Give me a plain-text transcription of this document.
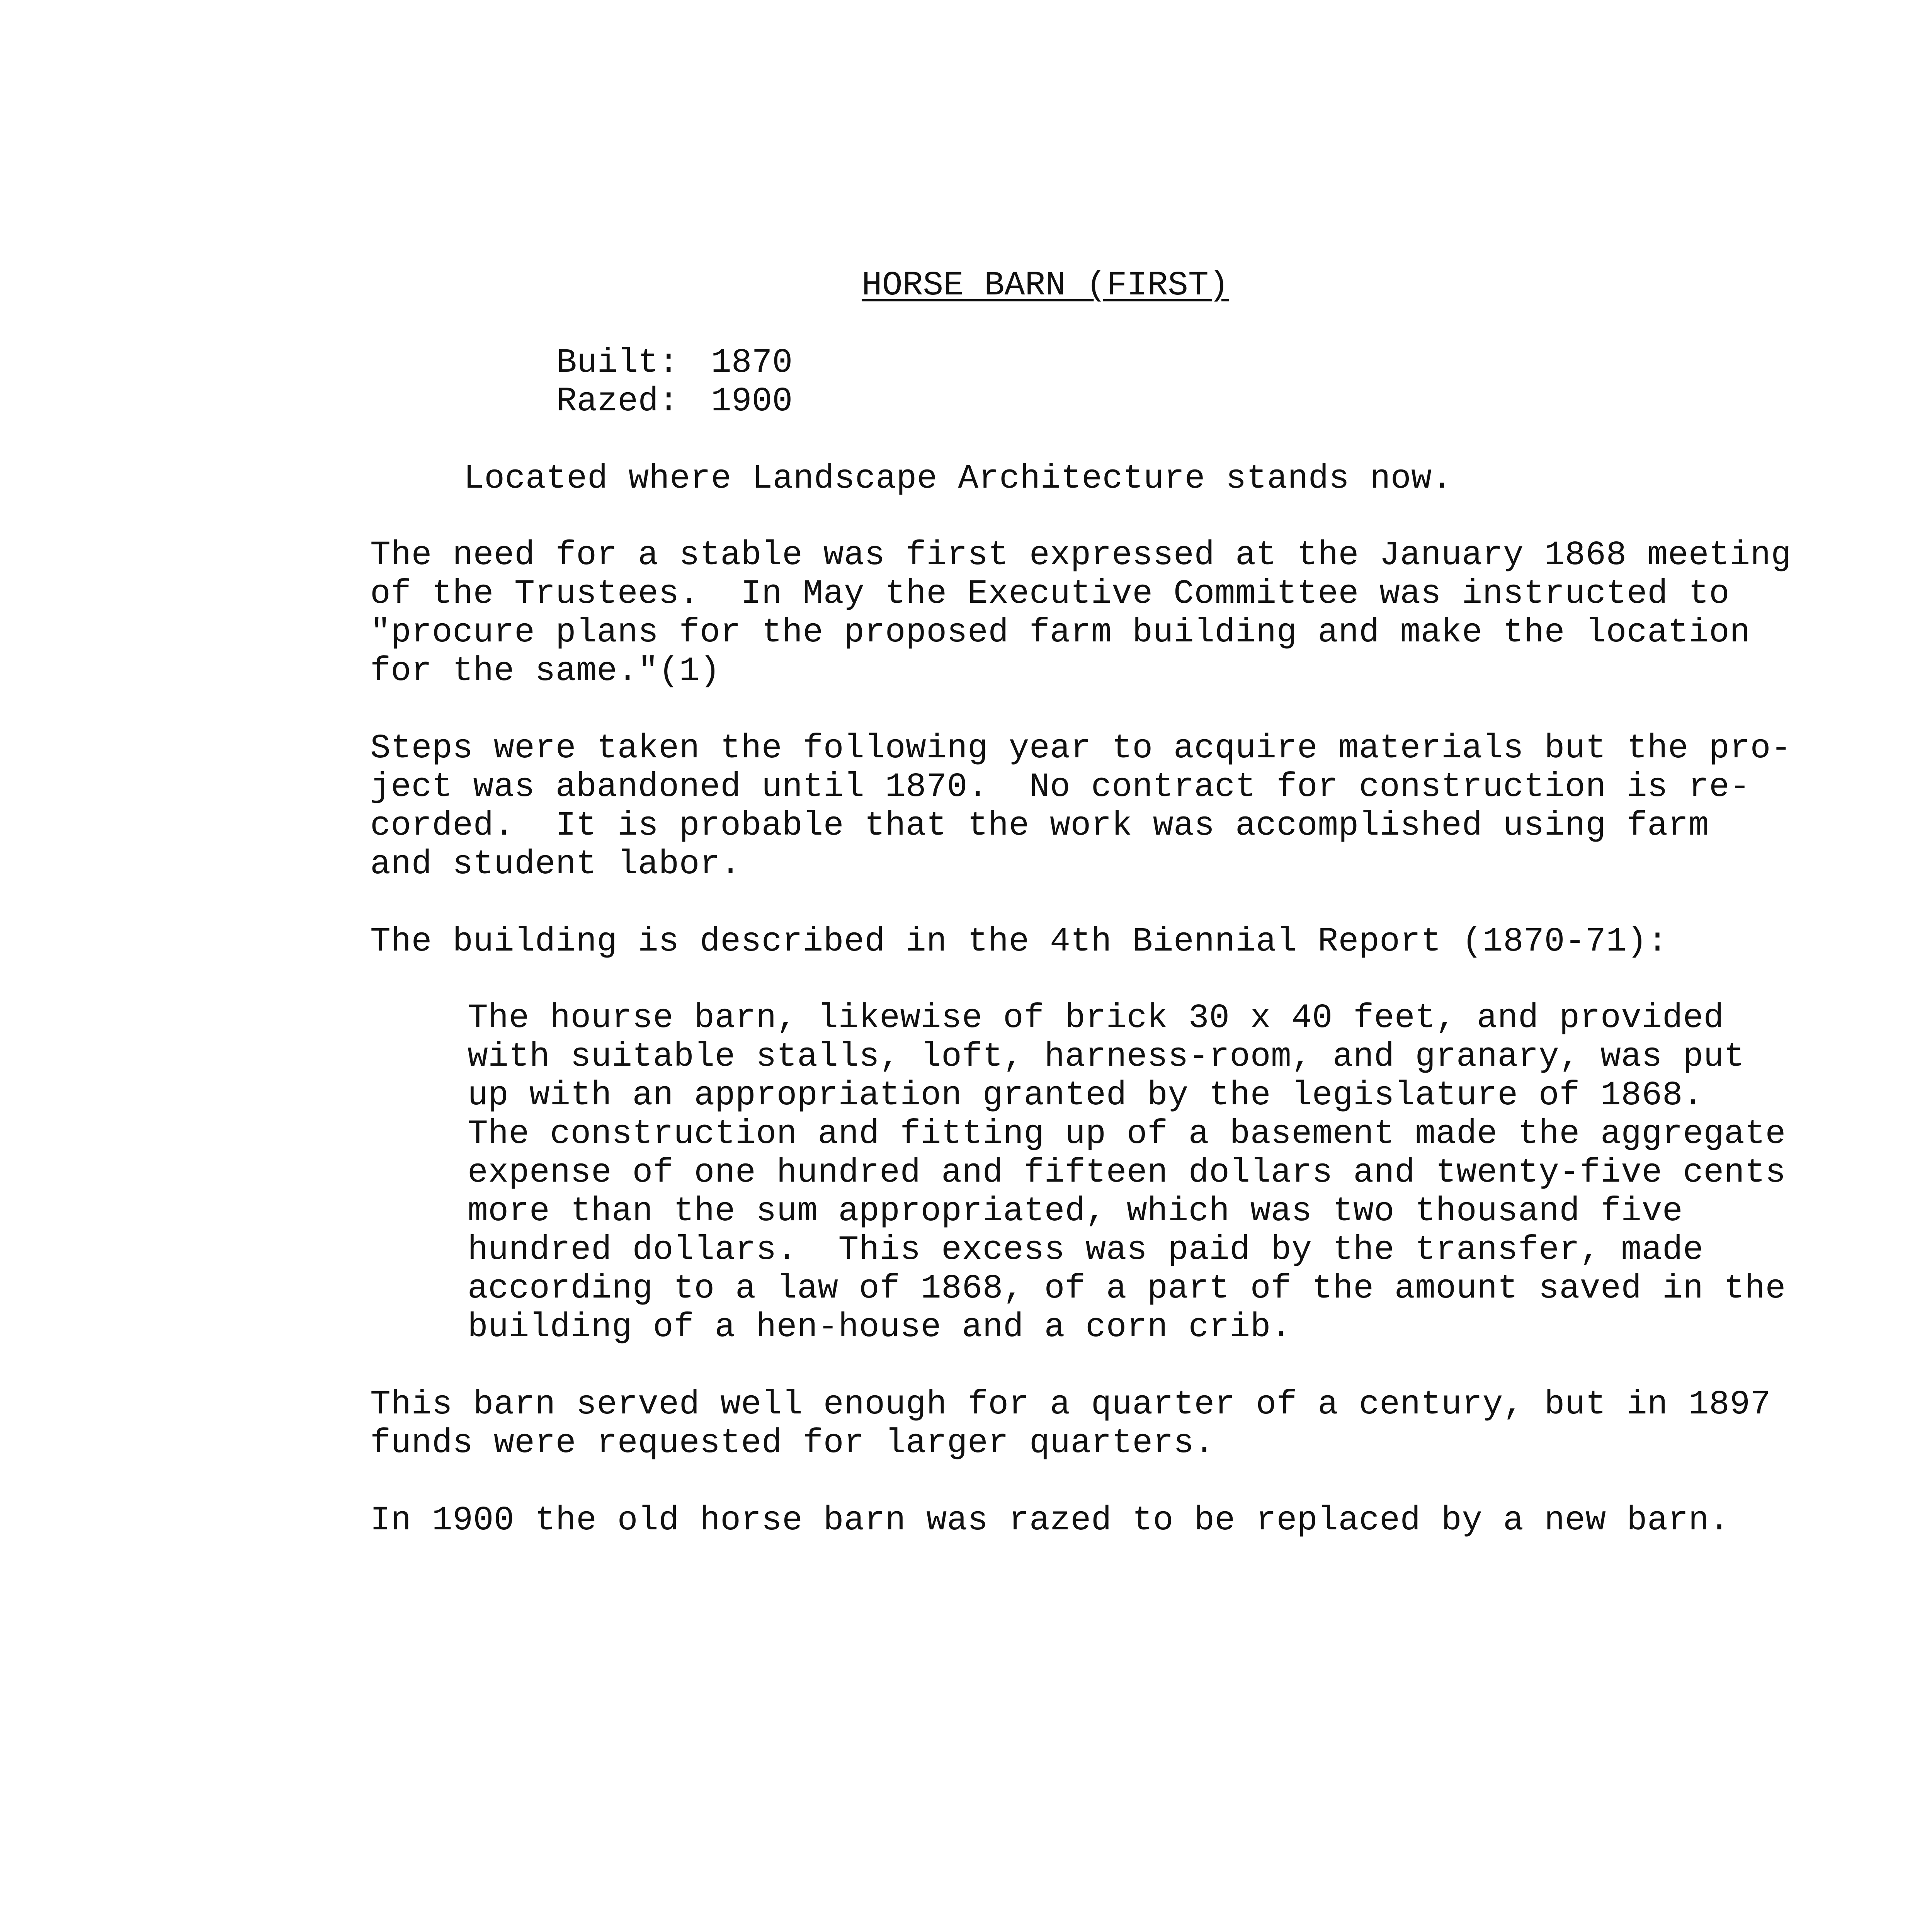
HORSE BARN (FIRST)
Built: 1870
Razed: 1900
Located where Landscape Architecture stands now.
The need for a stable was first expressed at the January 1868 meeting
of the Trustees.  In May the Executive Committee was instructed to
"procure plans for the proposed farm building and make the location
for the same."(1)
Steps were taken the following year to acquire materials but the pro-
ject was abandoned until 1870.  No contract for construction is re-
corded.  It is probable that the work was accomplished using farm
and student labor.
The building is described in the 4th Biennial Report (1870-71):
The hourse barn, likewise of brick 30 x 40 feet, and provided
with suitable stalls, loft, harness-room, and granary, was put
up with an appropriation granted by the legislature of 1868.
The construction and fitting up of a basement made the aggregate
expense of one hundred and fifteen dollars and twenty-five cents
more than the sum appropriated, which was two thousand five
hundred dollars.  This excess was paid by the transfer, made
according to a law of 1868, of a part of the amount saved in the
building of a hen-house and a corn crib.
This barn served well enough for a quarter of a century, but in 1897
funds were requested for larger quarters.
In 1900 the old horse barn was razed to be replaced by a new barn.
